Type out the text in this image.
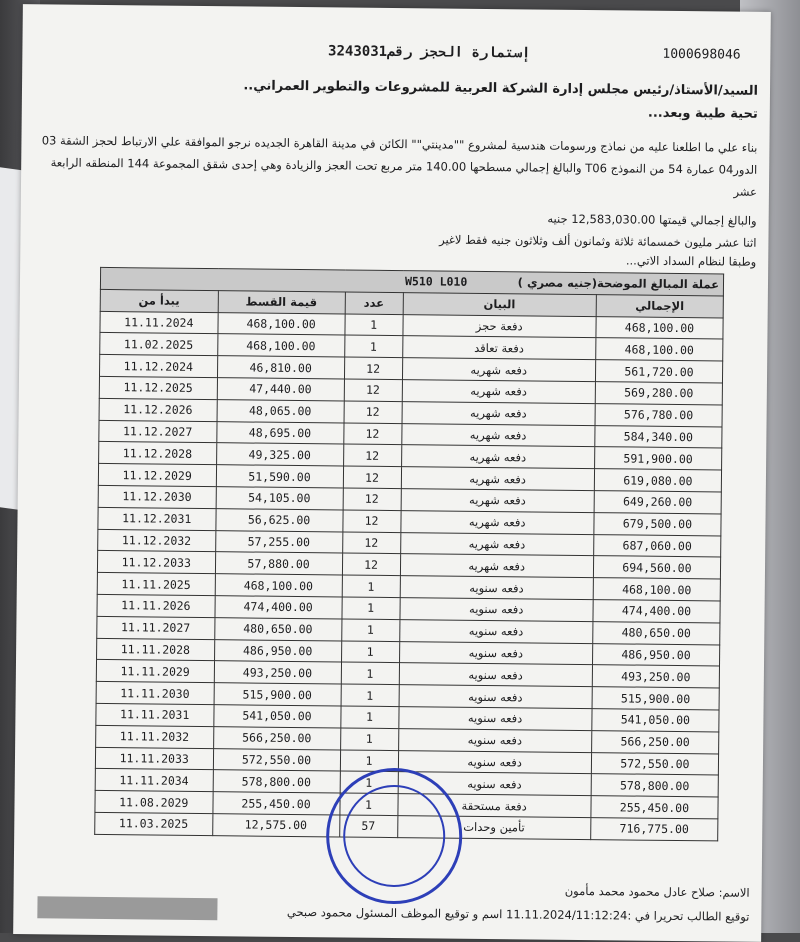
1000698046
إستمارة الحجز رقم3243031
السيد/الأستاذ/رئيس مجلس إدارة الشركة العربية للمشروعات والتطوير العمراني..
تحية طيبة وبعد...
بناء علي ما اطلعنا عليه من نماذج ورسومات هندسية لمشروع ""مدينتي"" الكائن في مدينة القاهرة الجديده نرجو الموافقة علي الارتباط لحجز الشقة 03 الدور04 عمارة 54 من النموذج T06 والبالغ إجمالي مسطحها 140.00 متر مربع تحت العجز والزيادة وهي إحدى شقق المجموعة 144 المنطقه الرابعة عشر
والبالغ إجمالي قيمتها 12,583,030.00 جنيه
اثنا عشر مليون خمسمائة ثلاثة وثمانون ألف وثلاثون جنيه فقط لاغير
وطبقا لنظام السداد الاتي...
عملة المبالغ الموضحة(جنيه مصري )
W510 L010				

الإجمالي	البيان	عدد	قيمة القسط	يبدأ من
468,100.00	دفعة حجز	1	468,100.00	11.11.2024
468,100.00	دفعة تعاقد	1	468,100.00	11.02.2025
561,720.00	دفعه شهريه	12	46,810.00	11.12.2024
569,280.00	دفعه شهريه	12	47,440.00	11.12.2025
576,780.00	دفعه شهريه	12	48,065.00	11.12.2026
584,340.00	دفعه شهريه	12	48,695.00	11.12.2027
591,900.00	دفعه شهريه	12	49,325.00	11.12.2028
619,080.00	دفعه شهريه	12	51,590.00	11.12.2029
649,260.00	دفعه شهريه	12	54,105.00	11.12.2030
679,500.00	دفعه شهريه	12	56,625.00	11.12.2031
687,060.00	دفعه شهريه	12	57,255.00	11.12.2032
694,560.00	دفعه شهريه	12	57,880.00	11.12.2033
468,100.00	دفعه سنويه	1	468,100.00	11.11.2025
474,400.00	دفعه سنويه	1	474,400.00	11.11.2026
480,650.00	دفعه سنويه	1	480,650.00	11.11.2027
486,950.00	دفعه سنويه	1	486,950.00	11.11.2028
493,250.00	دفعه سنويه	1	493,250.00	11.11.2029
515,900.00	دفعه سنويه	1	515,900.00	11.11.2030
541,050.00	دفعه سنويه	1	541,050.00	11.11.2031
566,250.00	دفعه سنويه	1	566,250.00	11.11.2032
572,550.00	دفعه سنويه	1	572,550.00	11.11.2033
578,800.00	دفعه سنويه	1	578,800.00	11.11.2034
255,450.00	دفعة مستحقة	1	255,450.00	11.08.2029
716,775.00	تأمين وحدات	57	12,575.00	11.03.2025
الاسم: صلاح عادل محمود محمد مأمون
توقيع الطالب تحريرا في :11.11.2024/11:12:24 اسم و توقيع الموظف المسئول محمود صبحي
